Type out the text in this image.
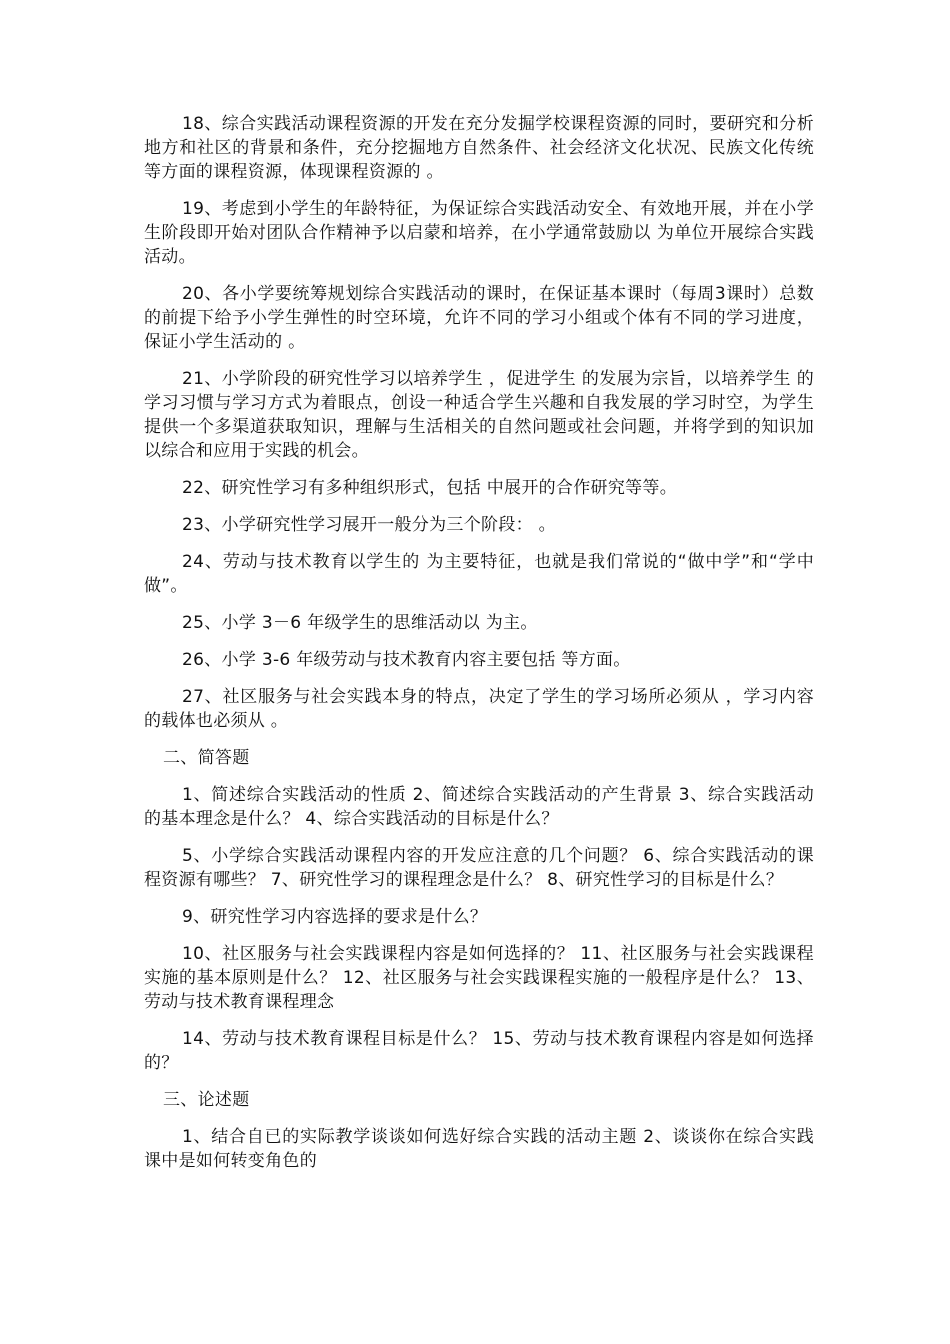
18、综合实践活动课程资源的开发在充分发掘学校课程资源的同时，要研究和分析地方和社区的背景和条件，充分挖掘地方自然条件、社会经济文化状况、民族文化传统等方面的课程资源，体现课程资源的 。

19、考虑到小学生的年龄特征，为保证综合实践活动安全、有效地开展，并在小学生阶段即开始对团队合作精神予以启蒙和培养，在小学通常鼓励以 为单位开展综合实践活动。

20、各小学要统筹规划综合实践活动的课时，在保证基本课时（每周3课时）总数的前提下给予小学生弹性的时空环境，允许不同的学习小组或个体有不同的学习进度，保证小学生活动的 。

21、小学阶段的研究性学习以培养学生 ，促进学生 的发展为宗旨，以培养学生 的学习习惯与学习方式为着眼点，创设一种适合学生兴趣和自我发展的学习时空，为学生提供一个多渠道获取知识，理解与生活相关的自然问题或社会问题，并将学到的知识加以综合和应用于实践的机会。

22、研究性学习有多种组织形式，包括 中展开的合作研究等等。

23、小学研究性学习展开一般分为三个阶段： 。

24、劳动与技术教育以学生的 为主要特征，也就是我们常说的“做中学”和“学中做”。

25、小学 3－6 年级学生的思维活动以 为主。

26、小学 3-6 年级劳动与技术教育内容主要包括 等方面。

27、社区服务与社会实践本身的特点，决定了学生的学习场所必须从 ，学习内容的载体也必须从 。

二、简答题

1、简述综合实践活动的性质 2、简述综合实践活动的产生背景 3、综合实践活动的基本理念是什么？ 4、综合实践活动的目标是什么？

5、小学综合实践活动课程内容的开发应注意的几个问题？ 6、综合实践活动的课程资源有哪些？ 7、研究性学习的课程理念是什么？ 8、研究性学习的目标是什么？

9、研究性学习内容选择的要求是什么？

10、社区服务与社会实践课程内容是如何选择的？ 11、社区服务与社会实践课程实施的基本原则是什么？ 12、社区服务与社会实践课程实施的一般程序是什么？ 13、劳动与技术教育课程理念

14、劳动与技术教育课程目标是什么？ 15、劳动与技术教育课程内容是如何选择的？

三、论述题

1、结合自已的实际教学谈谈如何选好综合实践的活动主题 2、谈谈你在综合实践课中是如何转变角色的
